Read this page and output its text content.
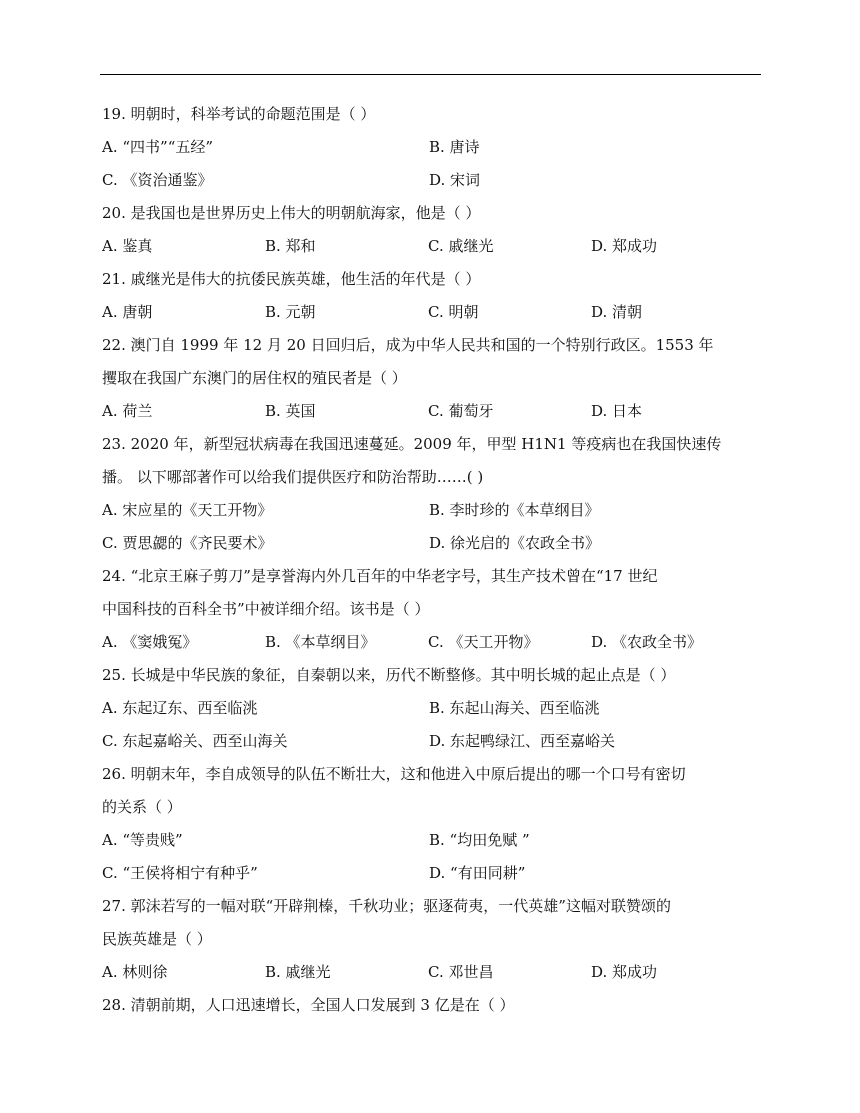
19. 明朝时，科举考试的命题范围是（ ）
A. “四书”“五经”	B. 唐诗
C. 《资治通鉴》	D. 宋词
20. 是我国也是世界历史上伟大的明朝航海家，他是（ ）
A. 鉴真	B. 郑和	C. 戚继光	D. 郑成功
21. 戚继光是伟大的抗倭民族英雄，他生活的年代是（ ）
A. 唐朝	B. 元朝	C. 明朝	D. 清朝
22. 澳门自 1999 年 12 月 20 日回归后，成为中华人民共和国的一个特别行政区。1553 年
攫取在我国广东澳门的居住权的殖民者是（ ）
A. 荷兰	B. 英国	C. 葡萄牙	D. 日本
23. 2020 年，新型冠状病毒在我国迅速蔓延。2009 年，甲型 H1N1 等疫病也在我国快速传
播。 以下哪部著作可以给我们提供医疗和防治帮助……( )
A. 宋应星的《天工开物》	B. 李时珍的《本草纲目》
C. 贾思勰的《齐民要术》	D. 徐光启的《农政全书》
24. “北京王麻子剪刀”是享誉海内外几百年的中华老字号，其生产技术曾在“17 世纪
中国科技的百科全书”中被详细介绍。该书是（ ）
A. 《窦娥冤》	B. 《本草纲目》	C. 《天工开物》	D. 《农政全书》
25. 长城是中华民族的象征，自秦朝以来，历代不断整修。其中明长城的起止点是（ ）
A. 东起辽东、西至临洮	B. 东起山海关、西至临洮
C. 东起嘉峪关、西至山海关	D. 东起鸭绿江、西至嘉峪关
26. 明朝末年，李自成领导的队伍不断壮大，这和他进入中原后提出的哪一个口号有密切
的关系（ ）
A. “等贵贱”	B. “均田免赋 ”
C. “王侯将相宁有种乎”	D. “有田同耕”
27. 郭沫若写的一幅对联“开辟荆榛，千秋功业；驱逐荷夷，一代英雄”这幅对联赞颂的
民族英雄是（ ）
A. 林则徐	B. 戚继光	C. 邓世昌	D. 郑成功
28. 清朝前期，人口迅速增长，全国人口发展到 3 亿是在（ ）
